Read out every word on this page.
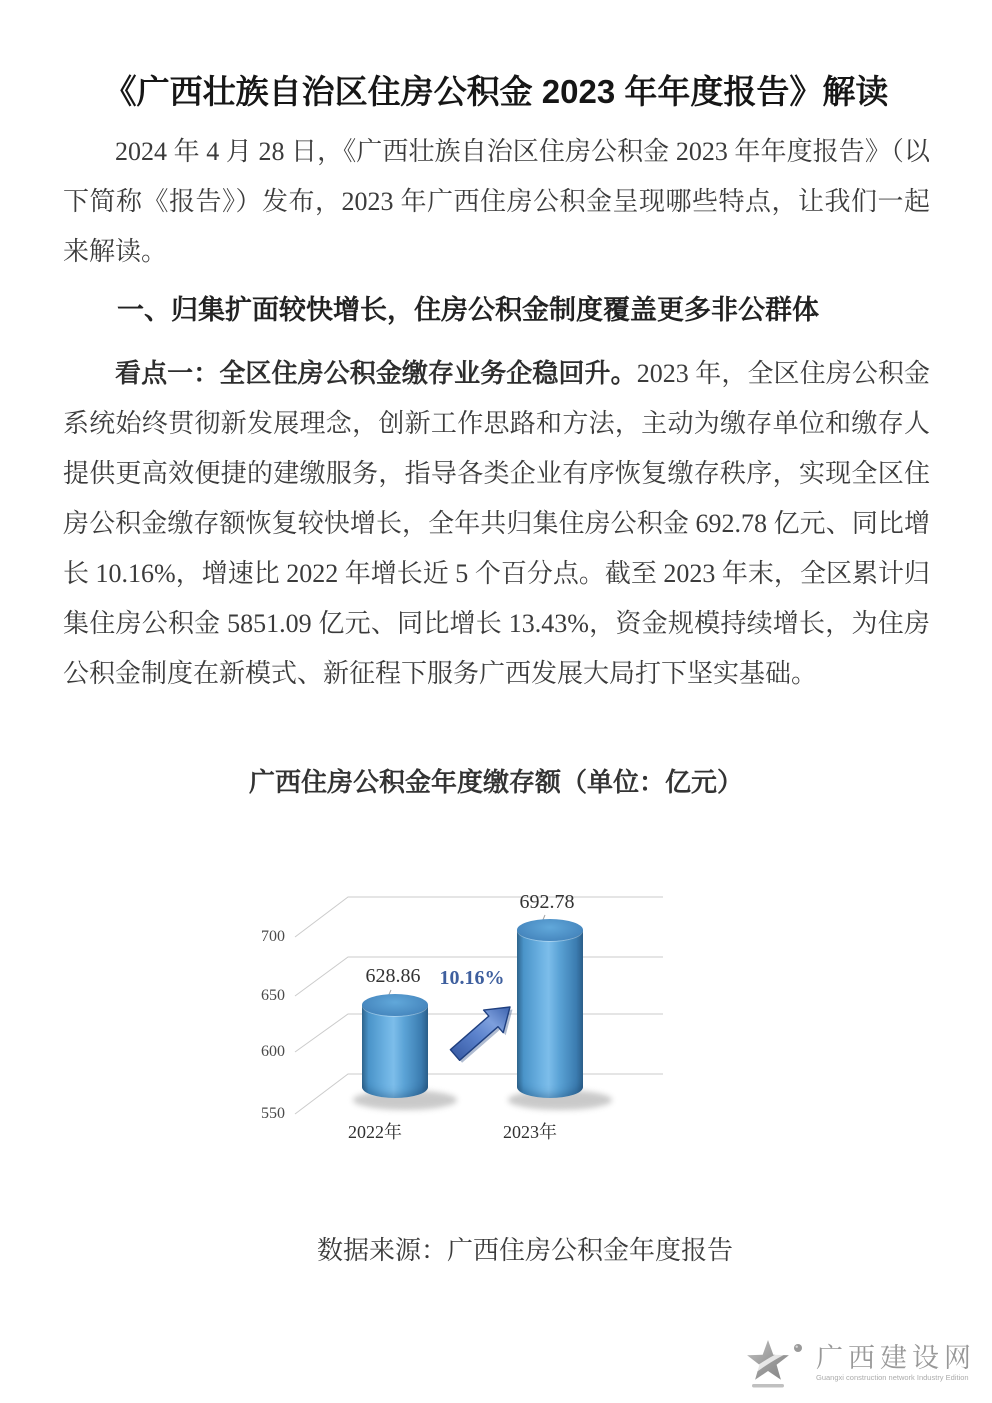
《广西壮族自治区住房公积金 2023 年年度报告》解读

2024 年 4 月 28 日，《广西壮族自治区住房公积金 2023 年年度报告》（以下简称《报告》）发布，2023 年广西住房公积金呈现哪些特点，让我们一起来解读。

一、归集扩面较快增长，住房公积金制度覆盖更多非公群体

看点一：全区住房公积金缴存业务企稳回升。2023 年，全区住房公积金系统始终贯彻新发展理念，创新工作思路和方法，主动为缴存单位和缴存人提供更高效便捷的建缴服务，指导各类企业有序恢复缴存秩序，实现全区住房公积金缴存额恢复较快增长，全年共归集住房公积金 692.78 亿元、同比增长 10.16%，增速比 2022 年增长近 5 个百分点。截至 2023 年末，全区累计归集住房公积金 5851.09 亿元、同比增长 13.43%，资金规模持续增长，为住房公积金制度在新模式、新征程下服务广西发展大局打下坚实基础。

广西住房公积金年度缴存额（单位：亿元）
700
650
600
550
628.86
692.78
10.16%
2022年	2023年

数据来源：广西住房公积金年度报告

广西建设网
Guangxi construction network Industry Edition
